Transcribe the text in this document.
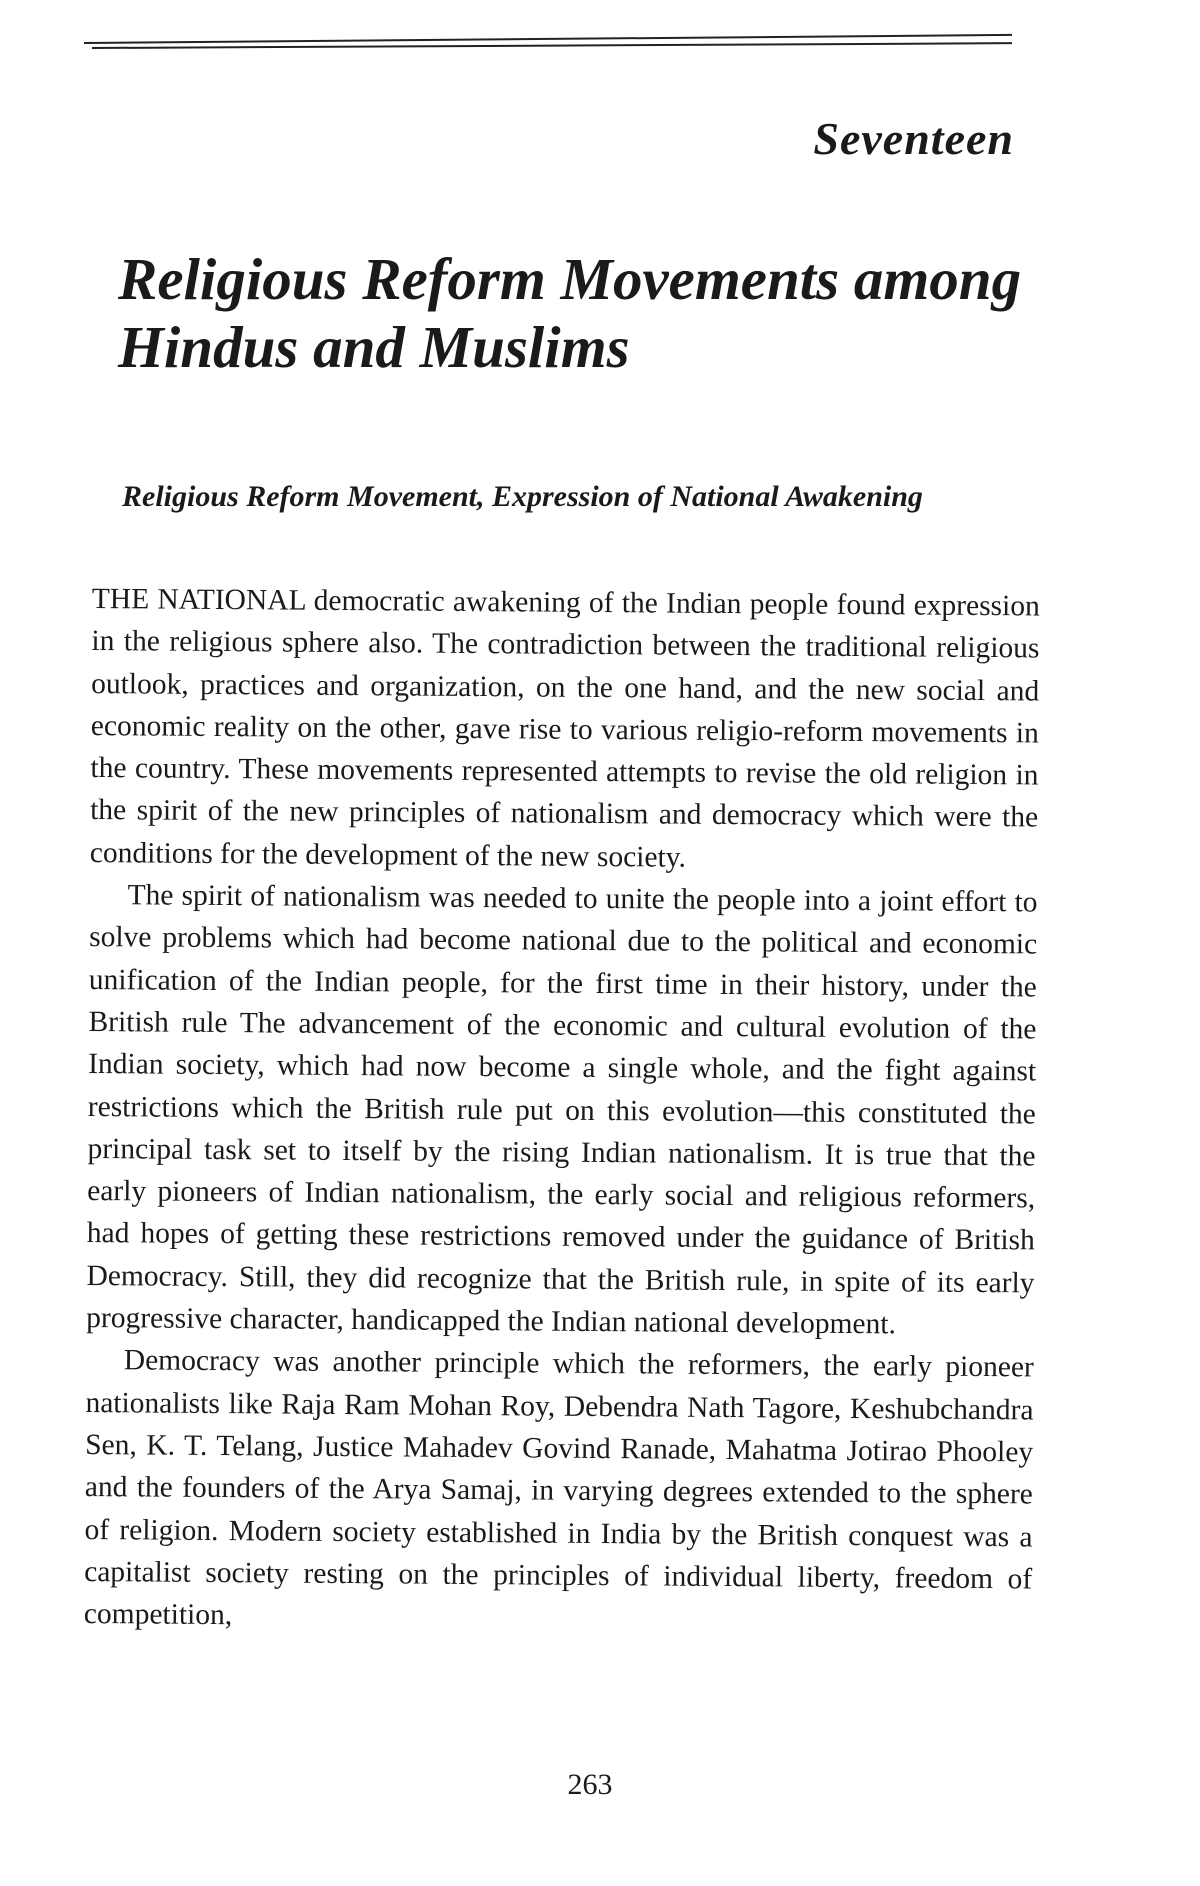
Seventeen
Religious Reform Movements among Hindus and Muslims
Religious Reform Movement, Expression of National Awakening

THE NATIONAL democratic awakening of the Indian people found expression in the religious sphere also. The contradiction between the traditional religious outlook, practices and organization, on the one hand, and the new social and economic reality on the other, gave rise to various religio-reform movements in the country. These movements represented attempts to revise the old religion in the spirit of the new principles of nationalism and democracy which were the conditions for the development of the new society.

The spirit of nationalism was needed to unite the people into a joint effort to solve problems which had become national due to the political and economic unification of the Indian people, for the first time in their history, under the British rule The advancement of the economic and cultural evolution of the Indian society, which had now become a single whole, and the fight against restrictions which the British rule put on this evolution—this constituted the principal task set to itself by the rising Indian nationalism. It is true that the early pioneers of Indian nationalism, the early social and religious reformers, had hopes of getting these restrictions removed under the guidance of British Democracy. Still, they did recognize that the British rule, in spite of its early progressive character, handicapped the Indian national development.

Democracy was another principle which the reformers, the early pioneer nationalists like Raja Ram Mohan Roy, Debendra Nath Tagore, Keshubchandra Sen, K. T. Telang, Justice Mahadev Govind Ranade, Mahatma Jotirao Phooley and the founders of the Arya Samaj, in varying degrees extended to the sphere of religion. Modern society established in India by the British conquest was a capitalist society resting on the principles of individual liberty, freedom of competition,

263
